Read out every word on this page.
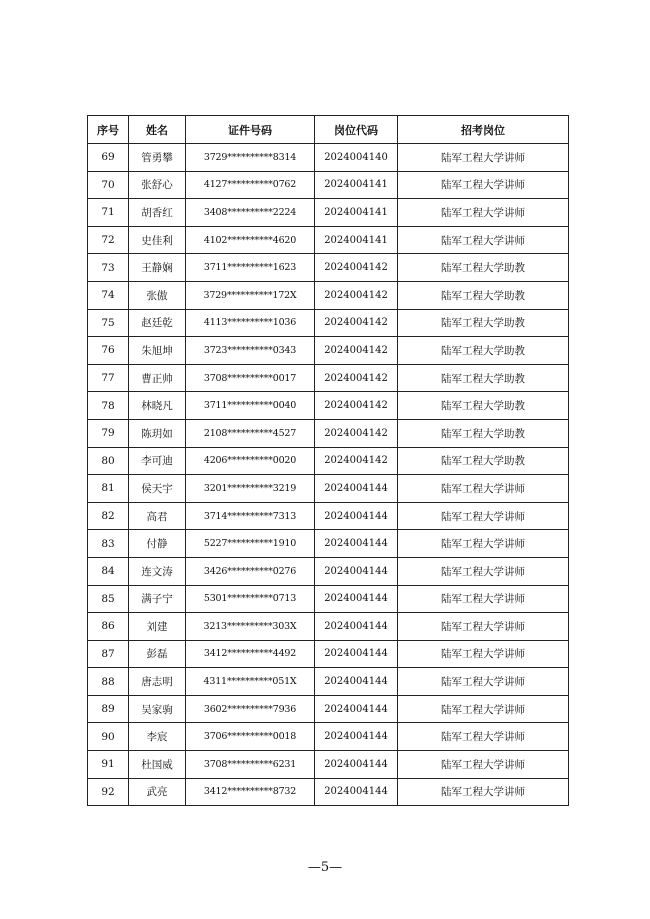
序号	姓名	证件号码	岗位代码	招考岗位
69	管勇攀	3729**********8314	2024004140	陆军工程大学讲师
70	张舒心	4127**********0762	2024004141	陆军工程大学讲师
71	胡香红	3408**********2224	2024004141	陆军工程大学讲师
72	史佳利	4102**********4620	2024004141	陆军工程大学讲师
73	王静娴	3711**********1623	2024004142	陆军工程大学助教
74	张傲	3729**********172X	2024004142	陆军工程大学助教
75	赵廷乾	4113**********1036	2024004142	陆军工程大学助教
76	朱旭坤	3723**********0343	2024004142	陆军工程大学助教
77	曹正帅	3708**********0017	2024004142	陆军工程大学助教
78	林晓凡	3711**********0040	2024004142	陆军工程大学助教
79	陈玥如	2108**********4527	2024004142	陆军工程大学助教
80	李可迪	4206**********0020	2024004142	陆军工程大学助教
81	侯天宇	3201**********3219	2024004144	陆军工程大学讲师
82	高君	3714**********7313	2024004144	陆军工程大学讲师
83	付静	5227**********1910	2024004144	陆军工程大学讲师
84	连文涛	3426**********0276	2024004144	陆军工程大学讲师
85	满子宁	5301**********0713	2024004144	陆军工程大学讲师
86	刘建	3213**********303X	2024004144	陆军工程大学讲师
87	彭磊	3412**********4492	2024004144	陆军工程大学讲师
88	唐志明	4311**********051X	2024004144	陆军工程大学讲师
89	吴家驹	3602**********7936	2024004144	陆军工程大学讲师
90	李宸	3706**********0018	2024004144	陆军工程大学讲师
91	杜国威	3708**********6231	2024004144	陆军工程大学讲师
92	武亮	3412**********8732	2024004144	陆军工程大学讲师
—5—
